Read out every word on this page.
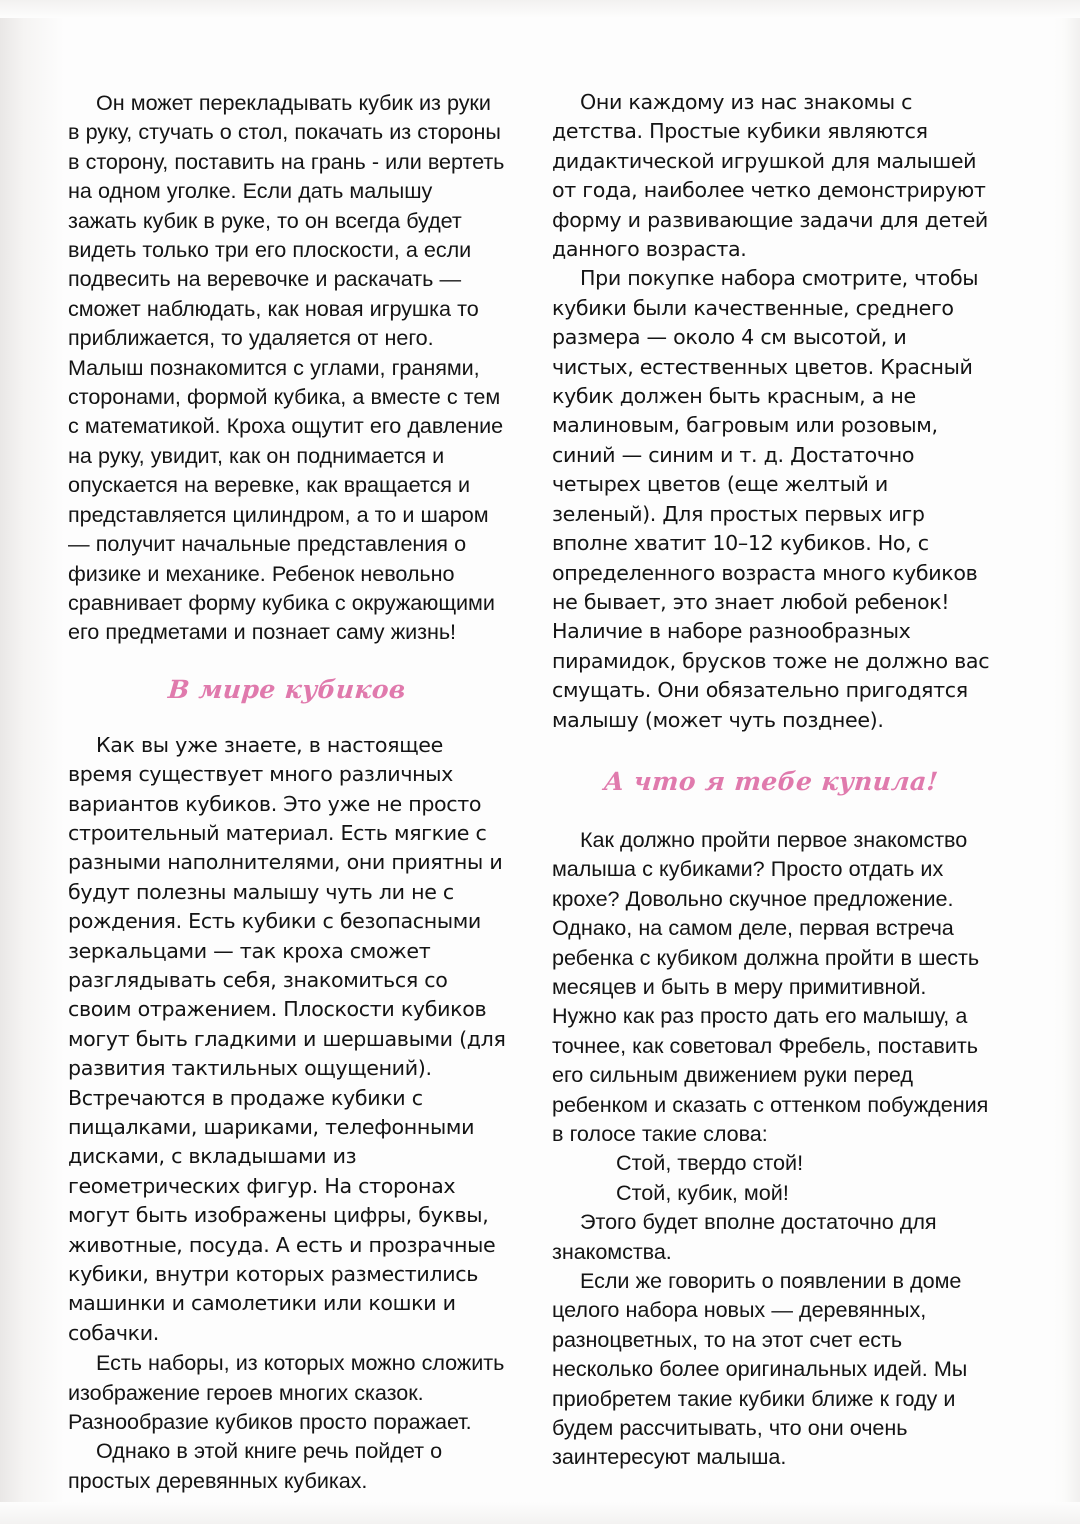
Он может перекладывать кубик из руки в руку, стучать о стол, покачать из стороны в сторону, поставить на грань - или вертеть на одном уголке. Если дать малышу зажать кубик в руке, то он всегда будет видеть только три его плоскости, а если подвесить на веревочке и раскачать — сможет наблюдать, как новая игрушка то приближается, то удаляется от него. Малыш познакомится с углами, гранями, сторонами, формой кубика, а вместе с тем с математикой. Кроха ощутит его давление на руку, увидит, как он поднимается и опускается на веревке, как вращается и представляется цилиндром, а то и шаром — получит начальные представления о физике и механике. Ребенок невольно сравнивает форму кубика с окружающими его предметами и познает саму жизнь!

В мире кубиков

Как вы уже знаете, в настоящее время существует много различных вариантов кубиков. Это уже не просто строительный материал. Есть мягкие с разными наполнителями, они приятны и будут полезны малышу чуть ли не с рождения. Есть кубики с безопасными зеркальцами — так кроха сможет разглядывать себя, знакомиться со своим отражением. Плоскости кубиков могут быть гладкими и шершавыми (для развития тактильных ощущений). Встречаются в продаже кубики с пищалками, шариками, телефонными дисками, с вкладышами из геометрических фигур. На сторонах могут быть изображены цифры, буквы, животные, посуда. А есть и прозрачные кубики, внутри которых разместились машинки и самолетики или кошки и собачки.

Есть наборы, из которых можно сложить изображение героев многих сказок. Разнообразие кубиков просто поражает.

Однако в этой книге речь пойдет о простых деревянных кубиках.

Они каждому из нас знакомы с детства. Простые кубики являются дидактической игрушкой для малышей от года, наиболее четко демонстрируют форму и развивающие задачи для детей данного возраста.

При покупке набора смотрите, чтобы кубики были качественные, среднего размера — около 4 см высотой, и чистых, естественных цветов. Красный кубик должен быть красным, а не малиновым, багровым или розовым, синий — синим и т. д. Достаточно четырех цветов (еще желтый и зеленый). Для простых первых игр вполне хватит 10–12 кубиков. Но, с определенного возраста много кубиков не бывает, это знает любой ребенок! Наличие в наборе разнообразных пирамидок, брусков тоже не должно вас смущать. Они обязательно пригодятся малышу (может чуть позднее).

А что я тебе купила!

Как должно пройти первое знакомство малыша с кубиками? Просто отдать их крохе? Довольно скучное предложение. Однако, на самом деле, первая встреча ребенка с кубиком должна пройти в шесть месяцев и быть в меру примитивной. Нужно как раз просто дать его малышу, а точнее, как советовал Фребель, поставить его сильным движением руки перед ребенком и сказать с оттенком побуждения в голосе такие слова:

Стой, твердо стой!

Стой, кубик, мой!

Этого будет вполне достаточно для знакомства.

Если же говорить о появлении в доме целого набора новых — деревянных, разноцветных, то на этот счет есть несколько более оригинальных идей. Мы приобретем такие кубики ближе к году и будем рассчитывать, что они очень заинтересуют малыша.
